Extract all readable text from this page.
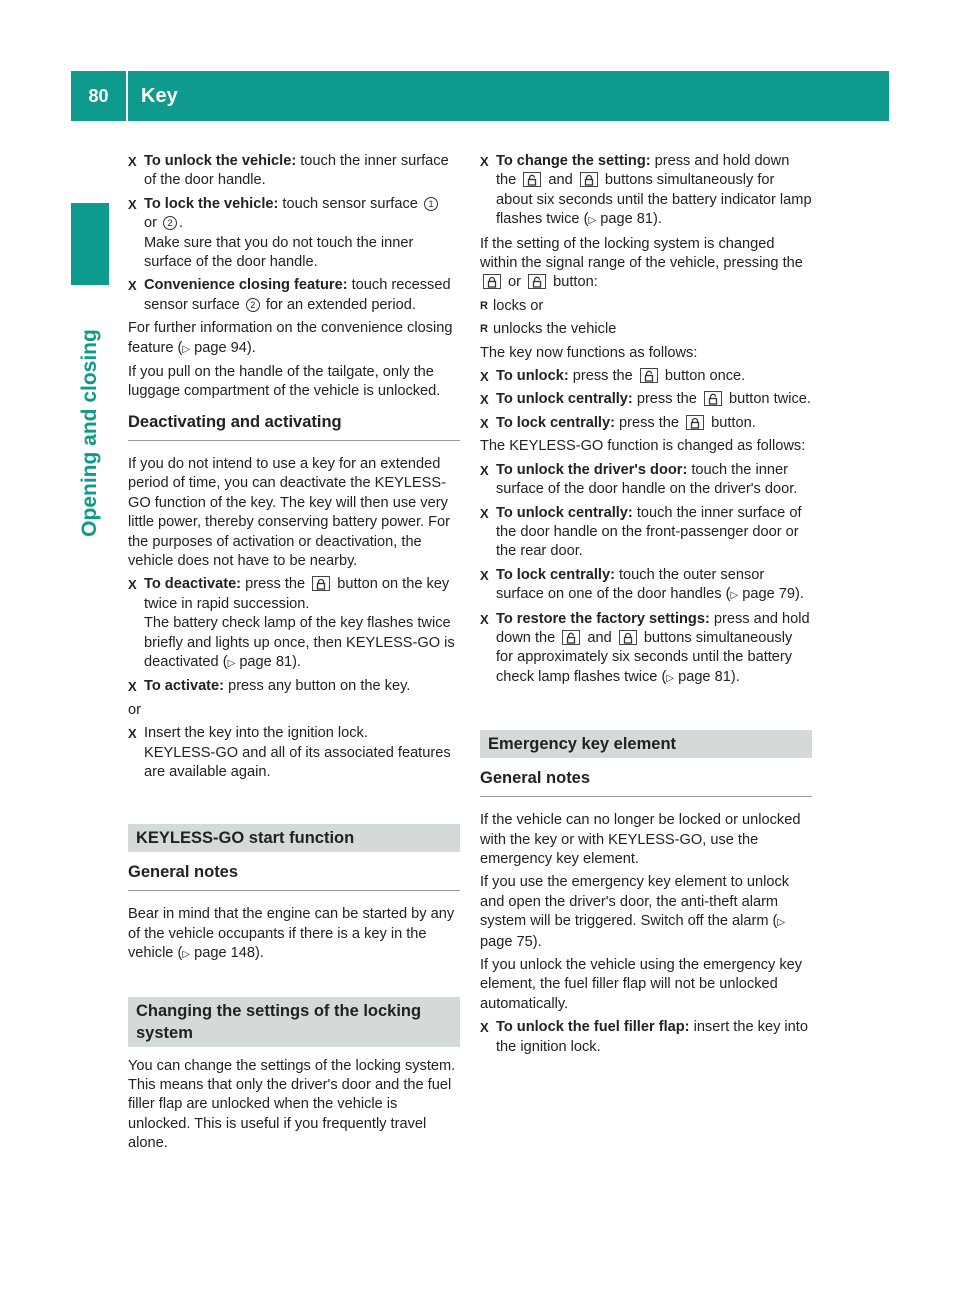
80	Key
Opening and closing
X To unlock the vehicle: touch the inner surface of the door handle.
X To lock the vehicle: touch sensor surface 1
or 2 .
Make sure that you do not touch the inner surface of the door handle.
X Convenience closing feature: touch recessed sensor surface 2 for an extended period.

For further information on the convenience closing feature (▷ page 94).

If you pull on the handle of the tailgate, only the luggage compartment of the vehicle is unlocked.

Deactivating and activating

If you do not intend to use a key for an extended period of time, you can deactivate the KEYLESS-GO function of the key. The key will then use very little power, thereby conserving battery power. For the purposes of activation or deactivation, the vehicle does not have to be nearby.

X To deactivate: press the
button on the key twice in rapid succession.
The battery check lamp of the key flashes twice briefly and lights up once, then KEYLESS-GO is deactivated (▷ page 81).
X To activate: press any button on the key.

or

X Insert the key into the ignition lock.
KEYLESS-GO and all of its associated features are available again.
KEYLESS-GO start function
General notes

Bear in mind that the engine can be started by any of the vehicle occupants if there is a key in the vehicle (▷ page 148).

Changing the settings of the locking system

You can change the settings of the locking system. This means that only the driver's door and the fuel filler flap are unlocked when the vehicle is unlocked. This is useful if you frequently travel alone.

X To change the setting: press and hold down the
and
buttons simultaneously for about six seconds until the battery indicator lamp flashes twice (▷ page 81).

If the setting of the locking system is changed within the signal range of the vehicle, pressing the
or
button:

R locks or
R unlocks the vehicle

The key now functions as follows:

X To unlock: press the
button once.
X To unlock centrally: press the
button twice.
X To lock centrally: press the
button.

The KEYLESS-GO function is changed as follows:

X To unlock the driver's door: touch the inner surface of the door handle on the driver's door.
X To unlock centrally: touch the inner surface of the door handle on the front-passenger door or the rear door.
X To lock centrally: touch the outer sensor surface on one of the door handles (▷ page 79).
X To restore the factory settings: press and hold down the
and
buttons simultaneously for approximately six seconds until the battery check lamp flashes twice (▷ page 81).
Emergency key element
General notes

If the vehicle can no longer be locked or unlocked with the key or with KEYLESS-GO, use the emergency key element.

If you use the emergency key element to unlock and open the driver's door, the anti-theft alarm system will be triggered. Switch off the alarm (▷ page 75).

If you unlock the vehicle using the emergency key element, the fuel filler flap will not be unlocked automatically.

X To unlock the fuel filler flap: insert the key into the ignition lock.
